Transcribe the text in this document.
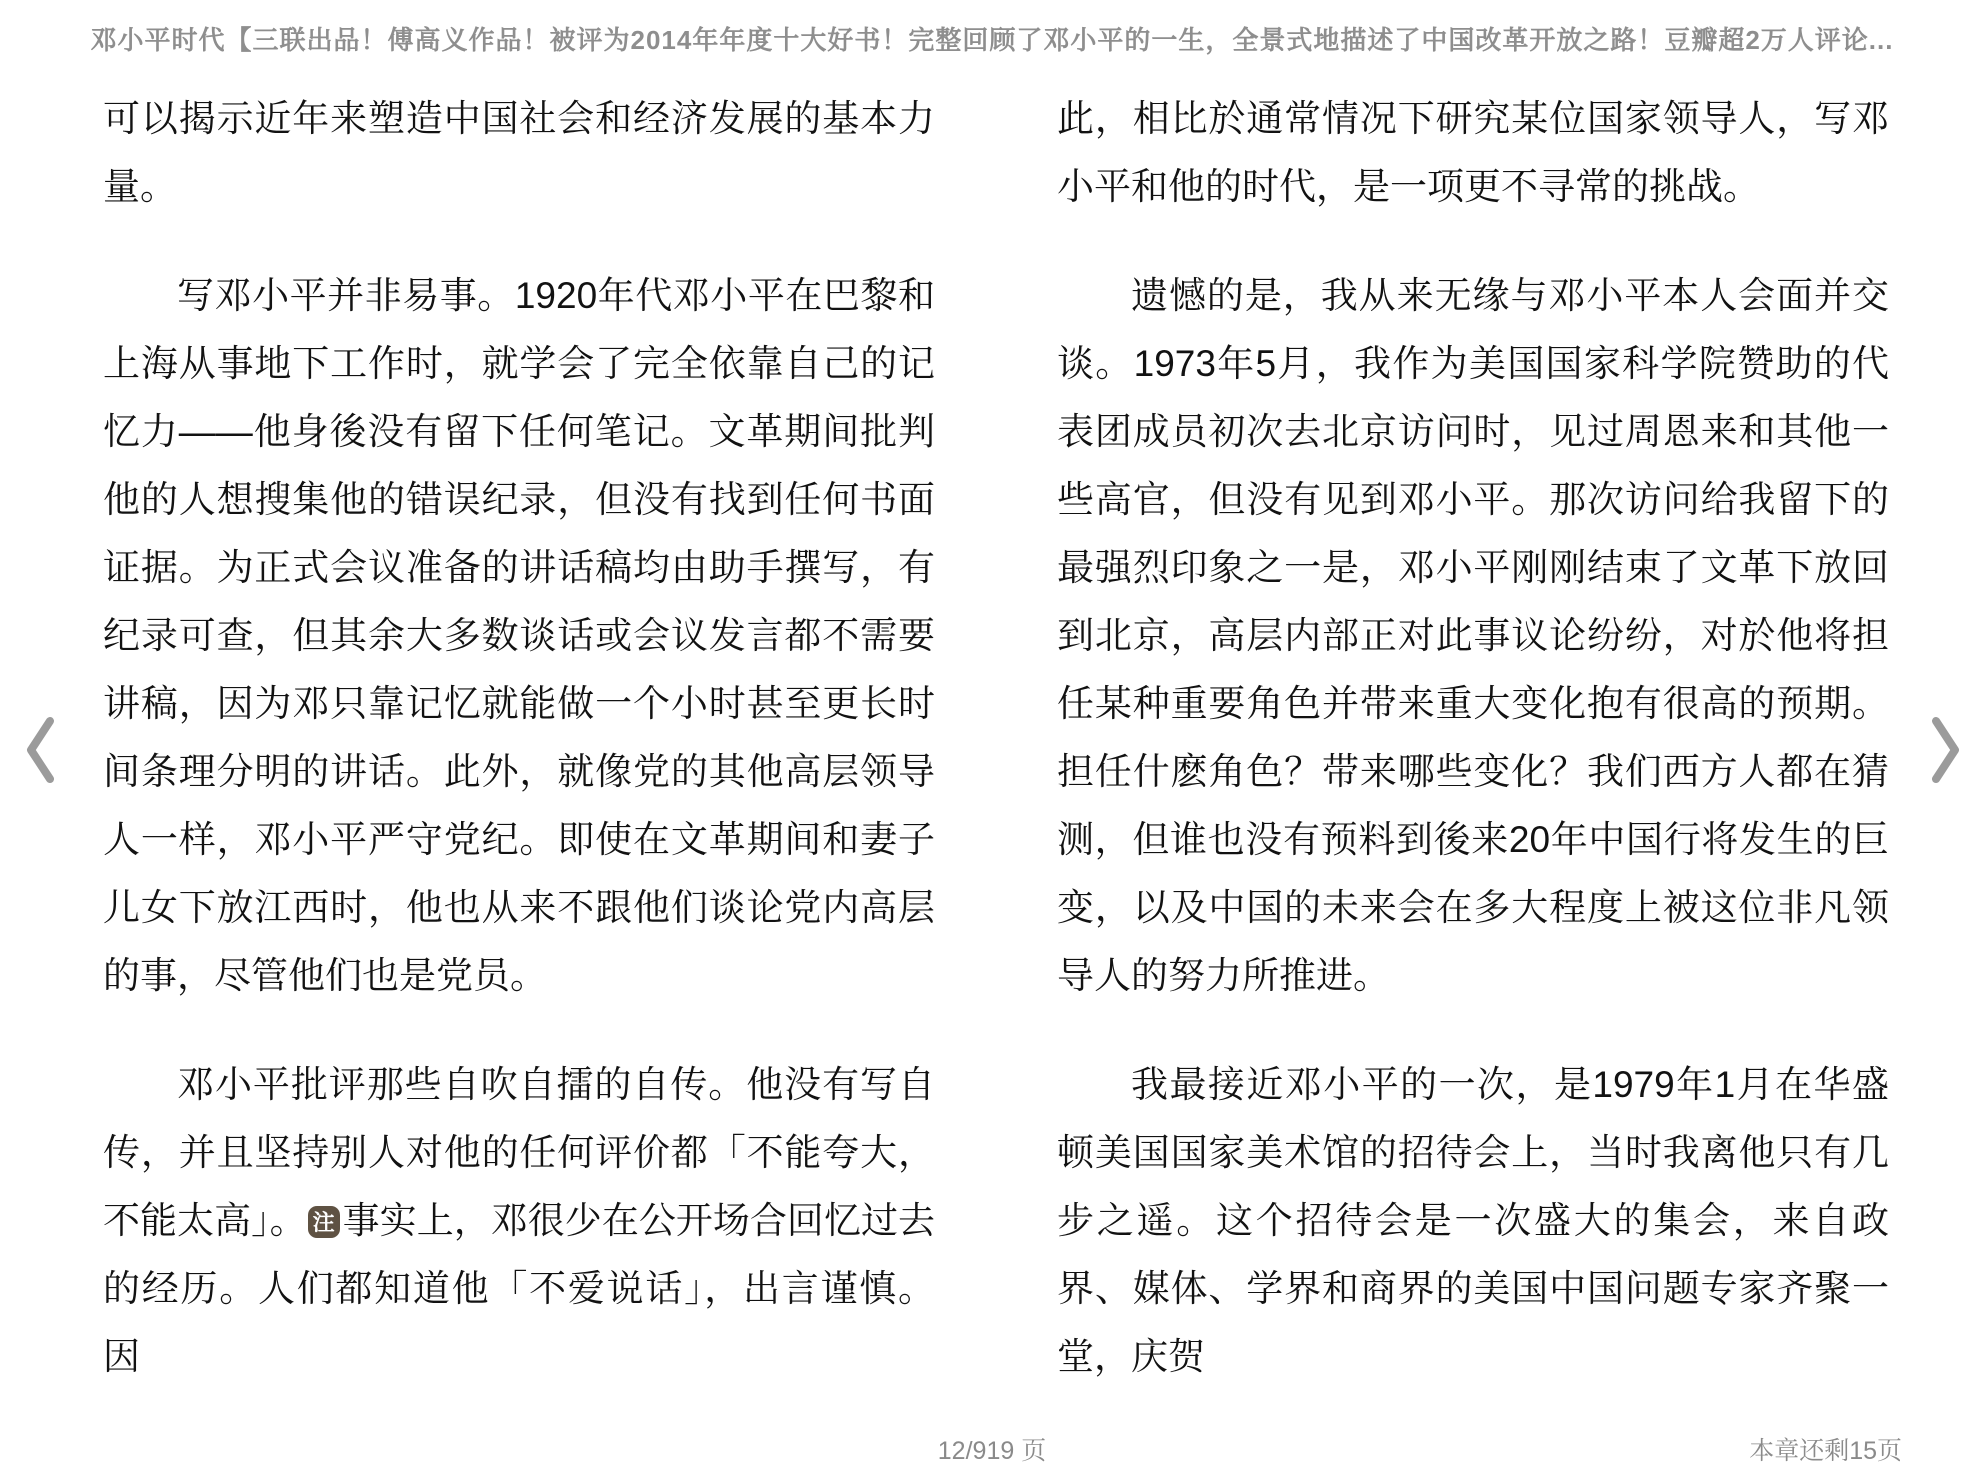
邓小平时代【三联出品！傅高义作品！被评为2014年年度十大好书！完整回顾了邓小平的一生，全景式地描述了中国改革开放之路！豆瓣超2万人评论...

可以揭示近年来塑造中国社会和经济发展的基本力量。

写邓小平并非易事。1920年代邓小平在巴黎和上海从事地下工作时，就学会了完全依靠自己的记忆力——他身後没有留下任何笔记。文革期间批判他的人想搜集他的错误纪录，但没有找到任何书面证据。为正式会议准备的讲话稿均由助手撰写，有纪录可查，但其余大多数谈话或会议发言都不需要讲稿，因为邓只靠记忆就能做一个小时甚至更长时间条理分明的讲话。此外，就像党的其他高层领导人一样，邓小平严守党纪。即使在文革期间和妻子儿女下放江西时，他也从来不跟他们谈论党内高层的事，尽管他们也是党员。

邓小平批评那些自吹自擂的自传。他没有写自传，并且坚持别人对他的任何评价都「不能夸大，不能太高」。 注 事实上，邓很少在公开场合回忆过去的经历。人们都知道他「不爱说话」，出言谨慎。因

此，相比於通常情况下研究某位国家领导人，写邓小平和他的时代，是一项更不寻常的挑战。

遗憾的是，我从来无缘与邓小平本人会面并交谈。1973年5月，我作为美国国家科学院赞助的代表团成员初次去北京访问时，见过周恩来和其他一些高官，但没有见到邓小平。那次访问给我留下的最强烈印象之一是，邓小平刚刚结束了文革下放回到北京，高层内部正对此事议论纷纷，对於他将担任某种重要角色并带来重大变化抱有很高的预期。担任什麽角色？带来哪些变化？我们西方人都在猜测，但谁也没有预料到後来20年中国行将发生的巨变，以及中国的未来会在多大程度上被这位非凡领导人的努力所推进。

我最接近邓小平的一次，是1979年1月在华盛顿美国国家美术馆的招待会上，当时我离他只有几步之遥。这个招待会是一次盛大的集会，来自政界、媒体、学界和商界的美国中国问题专家齐聚一堂，庆贺

12/919 页	本章还剩15页
